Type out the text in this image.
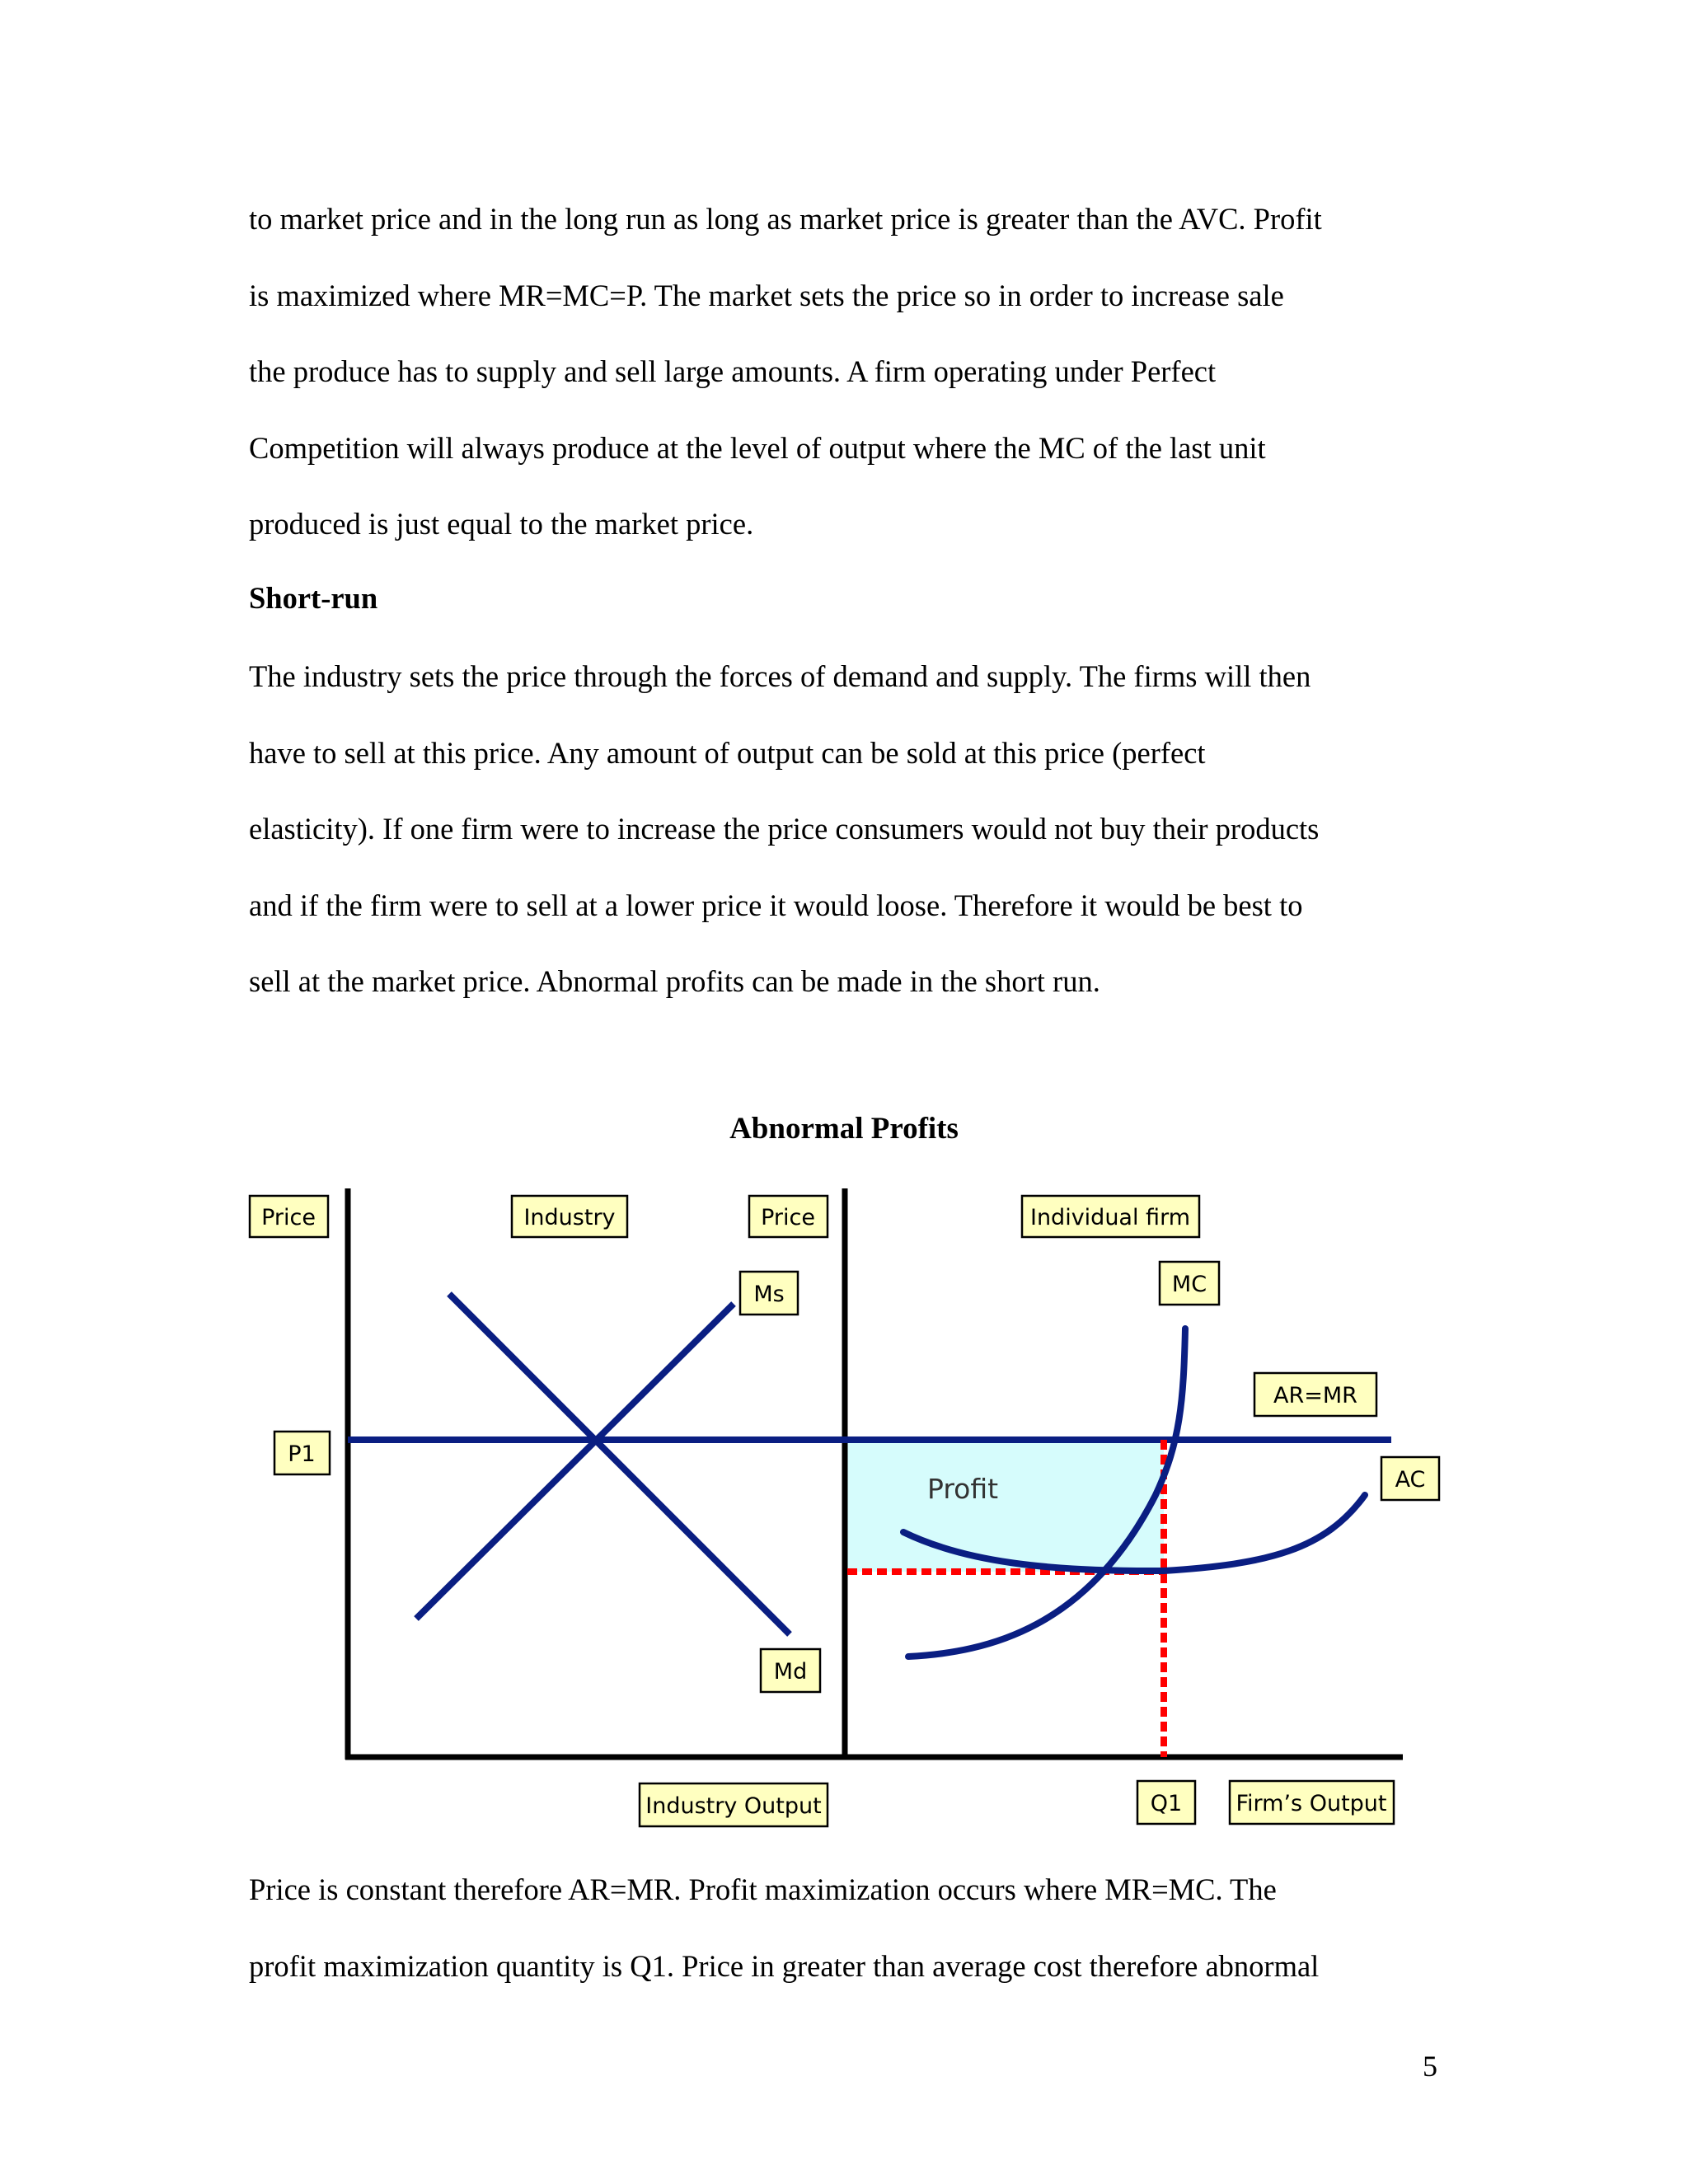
to market price and in the long run as long as market price is greater than the AVC. Profit
is maximized where MR=MC=P. The market sets the price so in order to increase sale
the produce has to supply and sell large amounts. A firm operating under Perfect
Competition will always produce at the level of output where the MC of the last unit
produced is just equal to the market price.

Short-run

The industry sets the price through the forces of demand and supply. The firms will then
have to sell at this price. Any amount of output can be sold at this price (perfect
elasticity). If one firm were to increase the price consumers would not buy their products
and if the firm were to sell at a lower price it would loose. Therefore it would be best to
sell at the market price. Abnormal profits can be made in the short run.

Abnormal Profits

Profit
Price	Industry	Price	Individual firm
Ms	MC
AR=MR
P1
AC
Md
Industry Output	Q1 Firm’s Output
Price is constant therefore AR=MR. Profit maximization occurs where MR=MC. The
profit maximization quantity is Q1. Price in greater than average cost therefore abnormal

5
